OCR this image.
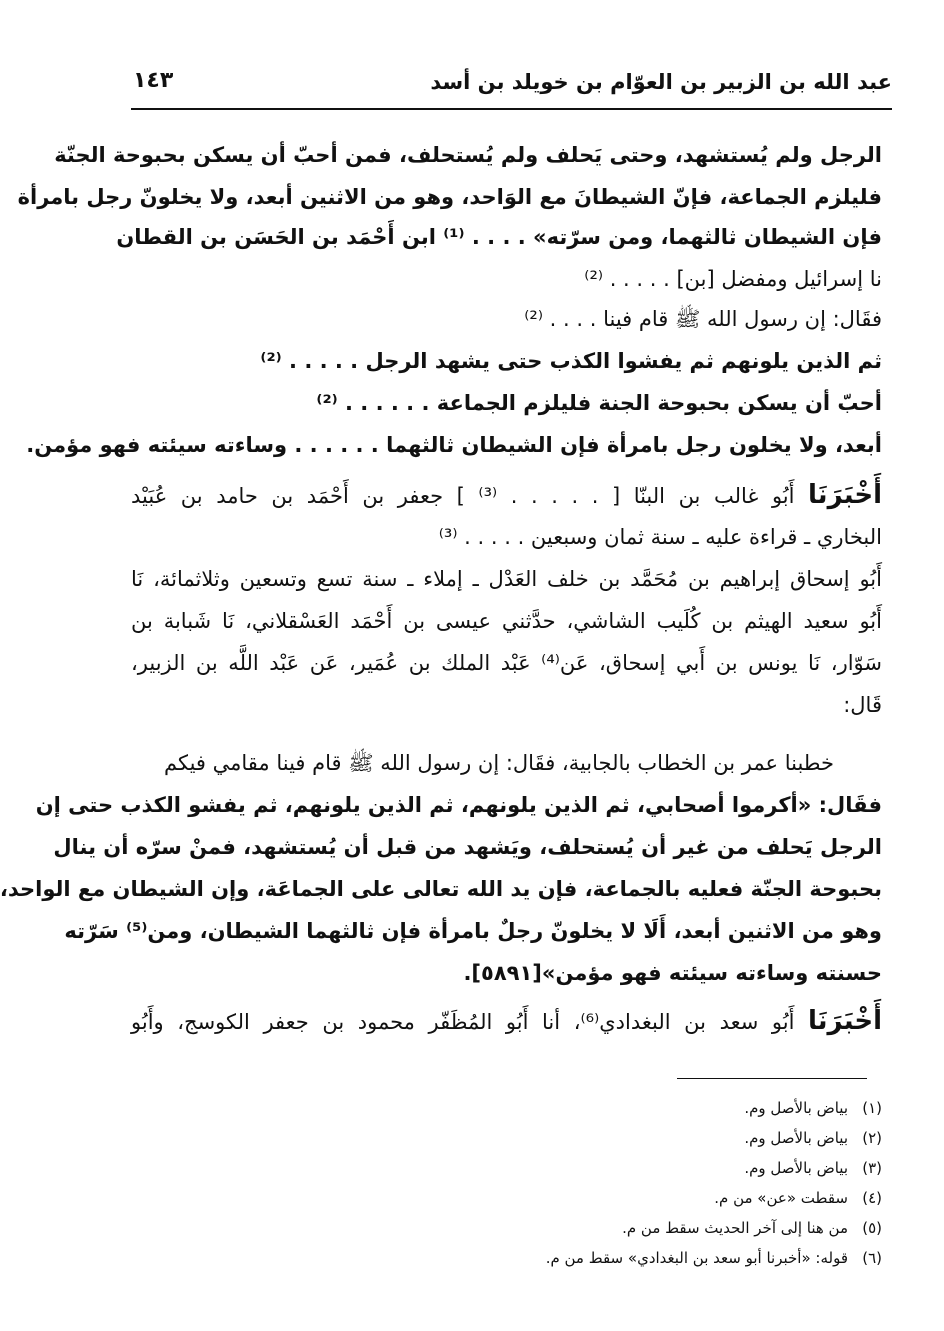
عبد الله بن الزبير بن العوّام بن خويلد بن أسد
١٤٣
الرجل ولم يُستشهد، وحتى يَحلف ولم يُستحلف، فمن أحبّ أن يسكن بحبوحة الجنّة
فليلزم الجماعة، فإنّ الشيطانَ مع الوَاحد، وهو من الاثنين أبعد، ولا يخلونّ رجل بامرأة
فإن الشيطان ثالثهما، ومن سرّته» . . . . ⁽¹⁾ ابن أَحْمَد بن الحَسَن بن القطان
نا إسرائيل ومفضل [بن] . . . . . ⁽²⁾
فقَال: إن رسول الله ﷺ قام فينا . . . . ⁽²⁾
ثم الذين يلونهم ثم يفشوا الكذب حتى يشهد الرجل . . . . . ⁽²⁾
أحبّ أن يسكن بحبوحة الجنة فليلزم الجماعة . . . . . . ⁽²⁾
أبعد، ولا يخلون رجل بامرأة فإن الشيطان ثالثهما . . . . . . وساءته سيئته فهو مؤمن.
أَخْبَرَنَا أَبُو غالب بن البنّا [ . . . . . ⁽³⁾ ] جعفر بن أَحْمَد بن حامد بن عُبَيْد
البخاري ـ قراءة عليه ـ سنة ثمان وسبعين . . . . . ⁽³⁾
أَبُو إسحاق إبراهيم بن مُحَمَّد بن خلف العَدْل ـ إملاء ـ سنة تسع وتسعين وثلاثمائة، نَا
أَبُو سعيد الهيثم بن كُلَيب الشاشي، حدَّثني عيسى بن أَحْمَد العَسْقلاني، نَا شَبابة بن
سَوّار، نَا يونس بن أَبي إسحاق، عَن⁽⁴⁾ عَبْد الملك بن عُمَير، عَن عَبْد اللَّه بن الزبير،
قَال:
خطبنا عمر بن الخطاب بالجابية، فقَال: إن رسول الله ﷺ قام فينا مقامي فيكم
فقَال: «أكرموا أصحابي، ثم الذين يلونهم، ثم الذين يلونهم، ثم يفشو الكذب حتى إن
الرجل يَحلف من غير أن يُستحلف، ويَشهد من قبل أن يُستشهد، فمنْ سرّه أن ينال
بحبوحة الجنّة فعليه بالجماعة، فإن يد الله تعالى على الجماعَة، وإن الشيطان مع الواحد،
وهو من الاثنين أبعد، أَلَا لا يخلونّ رجلٌ بامرأة فإن ثالثهما الشيطان، ومن⁽⁵⁾ سَرّته
حسنته وساءته سيئته فهو مؤمن»[٥٨٩١].
أَخْبَرَنَا أَبُو سعد بن البغدادي⁽⁶⁾، أنا أَبُو المُظَفّر محمود بن جعفر الكوسج، وأَبُو
(١)بياض بالأصل وم.
(٢)بياض بالأصل وم.
(٣)بياض بالأصل وم.
(٤)سقطت «عن» من م.
(٥)من هنا إلى آخر الحديث سقط من م.
(٦)قوله: «أخبرنا أبو سعد بن البغدادي» سقط من م.
